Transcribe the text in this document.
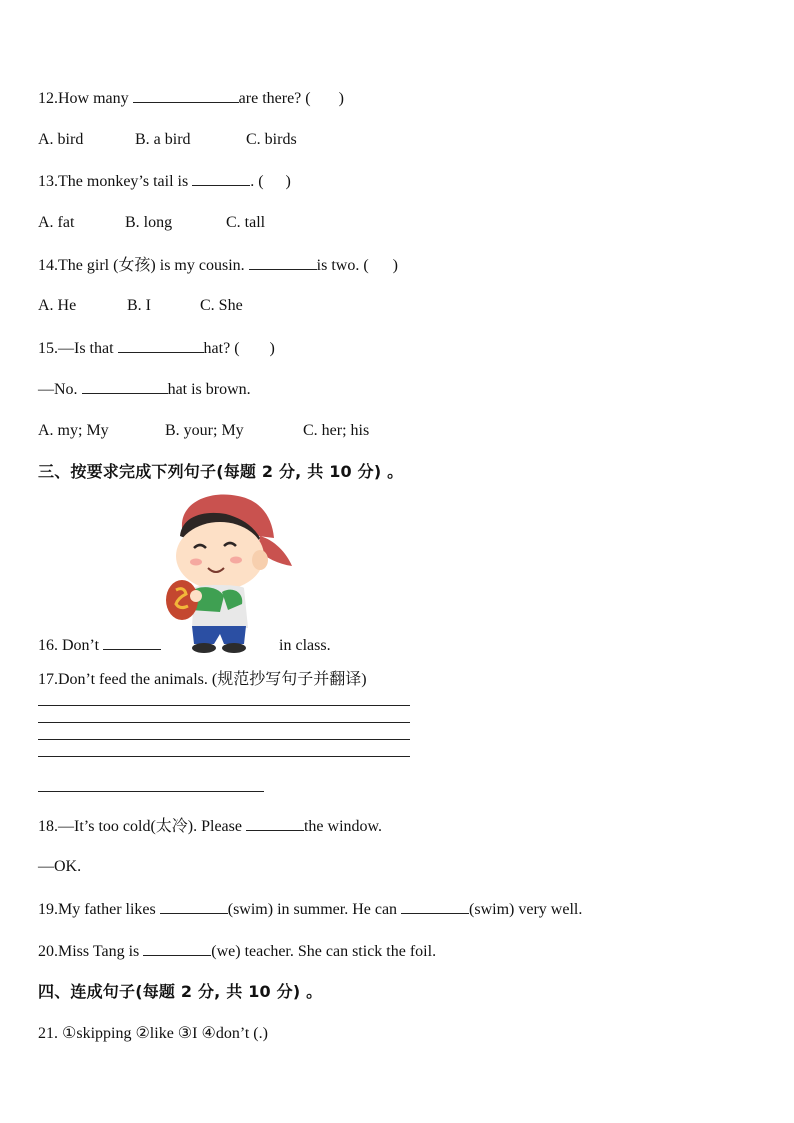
12.How many	are there? ( )
A. bird	B. a bird	C. birds
13.The monkey’s tail is	. ( )
A. fat	B. long	C. tall
14.The girl (女孩) is my cousin.	is two. ( )
A. He	B. I	C. She
15.—Is that	hat? ( )
—No.	hat is brown.
A. my; My	B. your; My	C. her; his
三、按要求完成下列句子(每题 2 分, 共 10 分) 。
16. Don’t	in class.
17.Don’t feed the animals. (规范抄写句子并翻译)
18.—It’s too cold(太冷). Please	the window.
—OK.
19.My father likes	(swim) in summer. He can	(swim) very well.
20.Miss Tang is	(we) teacher. She can stick the foil.
四、连成句子(每题 2 分, 共 10 分) 。
21. ①skipping ②like ③I ④don’t (.)
